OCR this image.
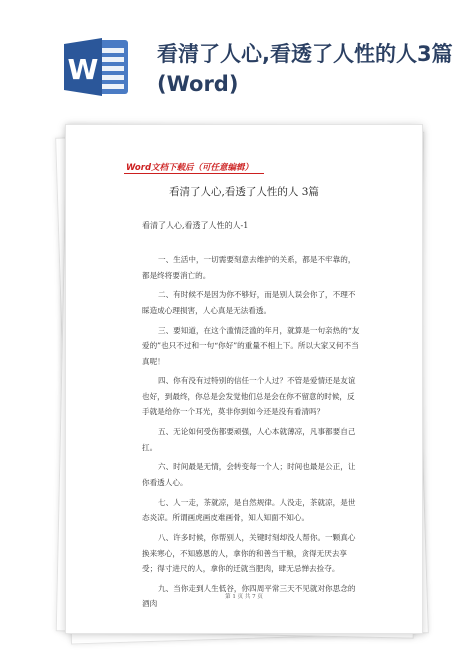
W	看清了人心,看透了人性的人3篇(Word)
Word文档下载后（可任意编辑）
看清了人心,看透了人性的人 3篇
看清了人心,看透了人性的人-1

一、生活中，一切需要刻意去维护的关系，都是不牢靠的，都是终将要消亡的。

二、有时候不是因为你不够好，而是别人误会你了，不理不睬造成心理损害，人心真是无法看透。

三、要知道，在这个滥情泛滥的年月，就算是一句亲热的“友爱的”也只不过和一句“你好”的重量不相上下。所以大家又何不当真呢！

四、你有没有过特别的信任一个人过？不管是爱情还是友谊也好，到最终，你总是会发觉他们总是会在你不留意的时候，反手就是给你一个耳光，莫非你到如今还是没有看清吗？

五、无论如何受伤都要顽强，人心本就薄凉，凡事都要自己扛。

六、时间最是无情，会转变每一个人；时间也最是公正，让你看透人心。

七、人一走，茶就凉，是自然规律。人没走，茶就凉，是世态炎凉。所谓画虎画皮难画骨，知人知面不知心。

八、许多时候，你帮别人，关键时刻却没人帮你。一颗真心换来寒心，不知感恩的人，拿你的和善当干粮，贪得无厌去享受；得寸进尺的人，拿你的迁就当肥肉，肆无忌惮去捡夺。

九、当你走到人生低谷，你四周平常三天不见就对你思念的酒肉

第 1 页 共 7 页
